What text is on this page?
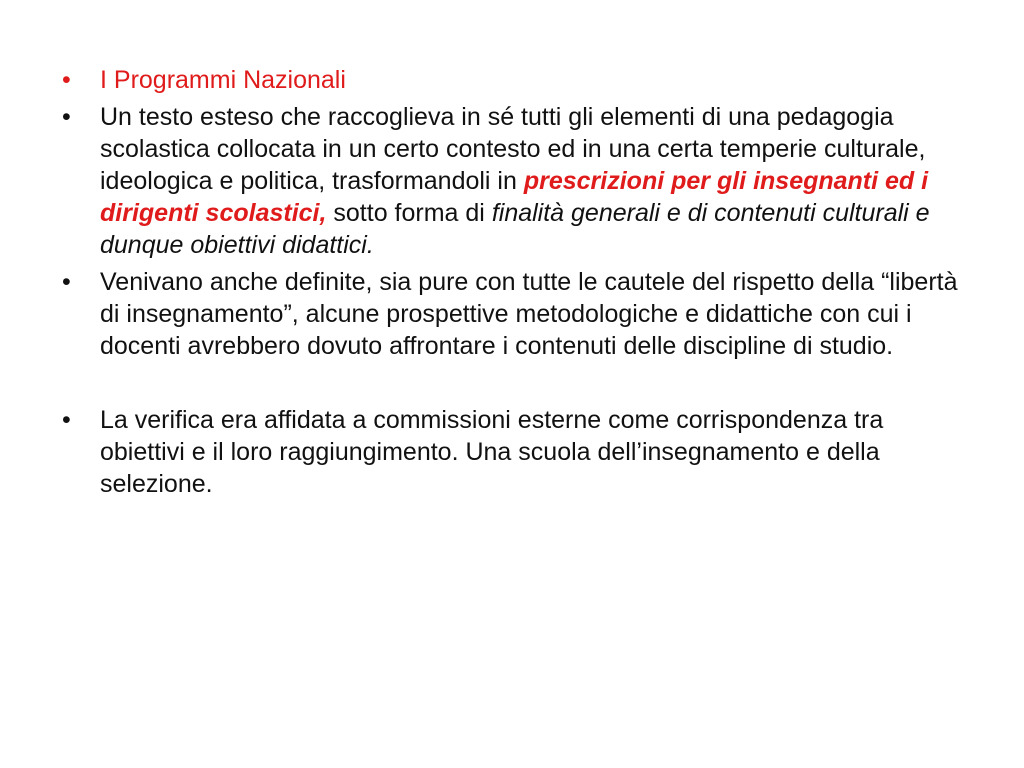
•	I Programmi Nazionali
•	Un testo esteso che raccoglieva in sé tutti gli elementi di una pedagogia scolastica collocata in un certo contesto ed in una certa temperie culturale, ideologica e politica, trasformandoli in prescrizioni per gli insegnanti ed i dirigenti scolastici, sotto forma di finalità generali e di contenuti culturali e dunque obiettivi didattici.
•	Venivano anche definite, sia pure con tutte le cautele del rispetto della “libertà di insegnamento”, alcune prospettive metodologiche e didattiche con cui i docenti avrebbero dovuto affrontare i contenuti delle discipline di studio.
•	La verifica era affidata a commissioni esterne come corrispondenza tra obiettivi e il loro raggiungimento. Una scuola dell’insegnamento e della selezione.
